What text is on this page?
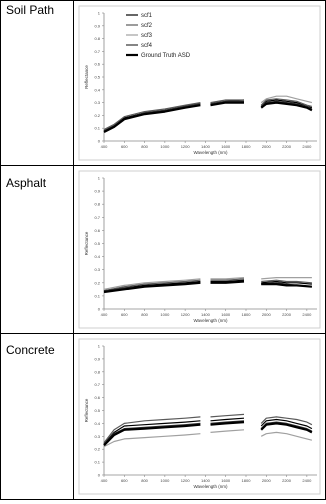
Soil Path
Asphalt
Concrete
0
0.1
0.2
0.3
0.4
0.5
0.6
0.7
0.8
0.9
1
400	600	800	1000	1200	1400	1600	1800	2000	2200	2400
Wavelength (nm)
Reflectance
scf1
scf2
scf3
scf4
Ground Truth ASD
0
0.1
0.2
0.3
0.4
0.5
0.6
0.7
0.8
0.9
1
400	600	800	1000	1200	1400	1600	1800	2000	2200	2400
Wavelength (nm)
Reflectance
0
0.1
0.2
0.3
0.4
0.5
0.6
0.7
0.8
0.9
1
400	600	800	1000	1200	1400	1600	1800	2000	2200	2400
Wavelength (nm)
Reflectance
